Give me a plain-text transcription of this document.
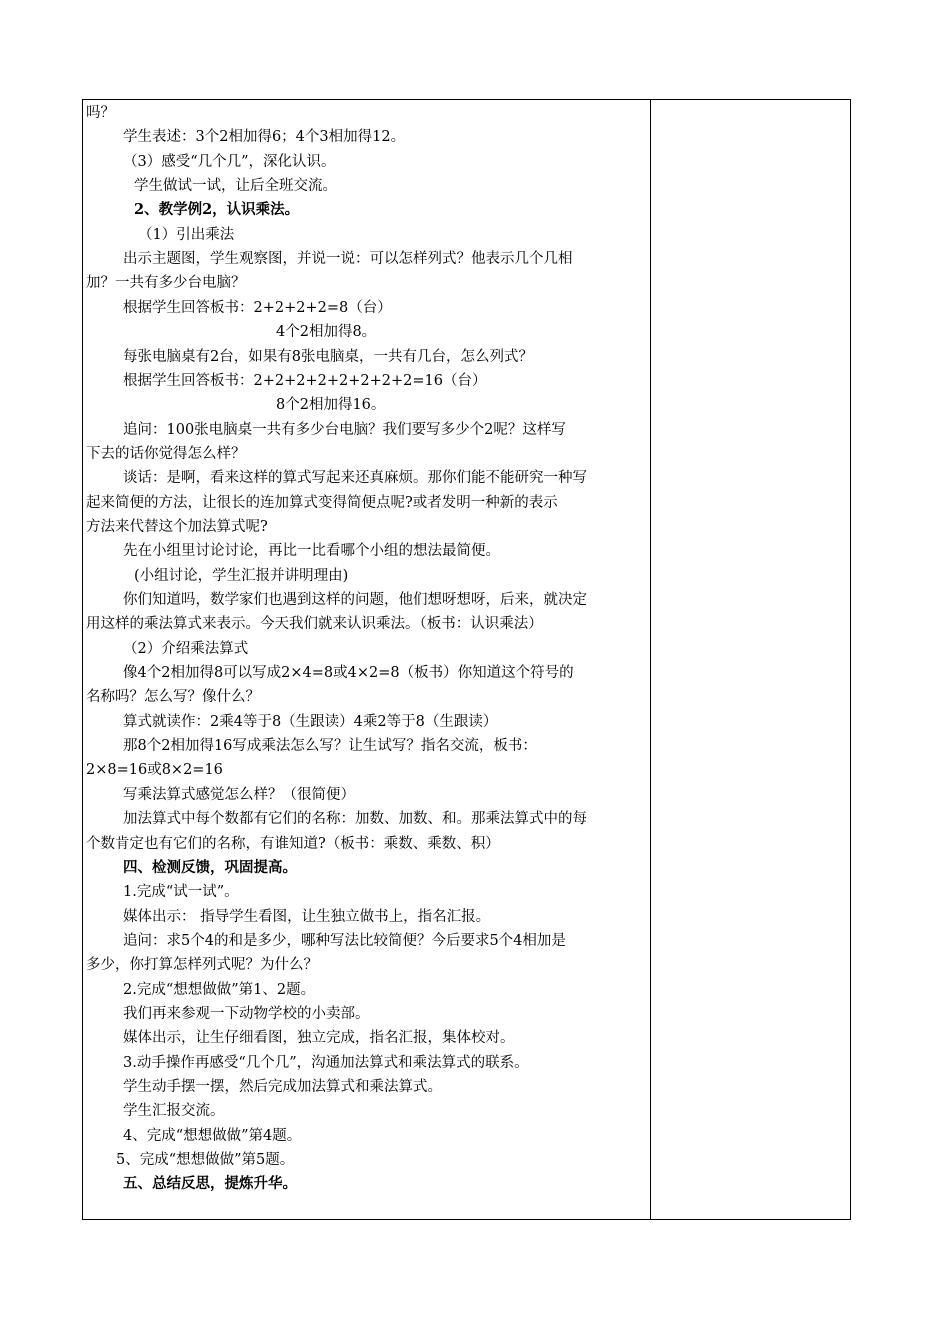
吗？
学生表述：3个2相加得6；4个3相加得12。
（3）感受“几个几”，深化认识。
学生做试一试，让后全班交流。
2、教学例2，认识乘法。
（1）引出乘法
出示主题图，学生观察图，并说一说：可以怎样列式？他表示几个几相
加？一共有多少台电脑？
根据学生回答板书：2+2+2+2=8（台）
4个2相加得8。
每张电脑桌有2台，如果有8张电脑桌，一共有几台，怎么列式？
根据学生回答板书：2+2+2+2+2+2+2+2=16（台）
8个2相加得16。
追问：100张电脑桌一共有多少台电脑？我们要写多少个2呢？这样写
下去的话你觉得怎么样？
谈话：是啊，看来这样的算式写起来还真麻烦。那你们能不能研究一种写
起来简便的方法，让很长的连加算式变得简便点呢?或者发明一种新的表示
方法来代替这个加法算式呢?
先在小组里讨论讨论，再比一比看哪个小组的想法最简便。
(小组讨论，学生汇报并讲明理由)
你们知道吗，数学家们也遇到这样的问题，他们想呀想呀，后来，就决定
用这样的乘法算式来表示。今天我们就来认识乘法。（板书：认识乘法）
（2）介绍乘法算式
像4个2相加得8可以写成2×4=8或4×2=8（板书）你知道这个符号的
名称吗？怎么写？像什么？
算式就读作：2乘4等于8（生跟读）4乘2等于8（生跟读）
那8个2相加得16写成乘法怎么写？让生试写？指名交流，板书：
2×8=16或8×2=16
写乘法算式感觉怎么样？（很简便）
加法算式中每个数都有它们的名称：加数、加数、和。那乘法算式中的每
个数肯定也有它们的名称，有谁知道?（板书：乘数、乘数、积）
四、检测反馈，巩固提高。
1.完成“试一试”。
媒体出示： 指导学生看图，让生独立做书上，指名汇报。
追问：求5个4的和是多少，哪种写法比较简便？今后要求5个4相加是
多少，你打算怎样列式呢？为什么？
2.完成“想想做做”第1、2题。
我们再来参观一下动物学校的小卖部。
媒体出示，让生仔细看图，独立完成，指名汇报，集体校对。
3.动手操作再感受“几个几”，沟通加法算式和乘法算式的联系。
学生动手摆一摆，然后完成加法算式和乘法算式。
学生汇报交流。
4、完成“想想做做”第4题。
5、完成“想想做做”第5题。
五、总结反思，提炼升华。
